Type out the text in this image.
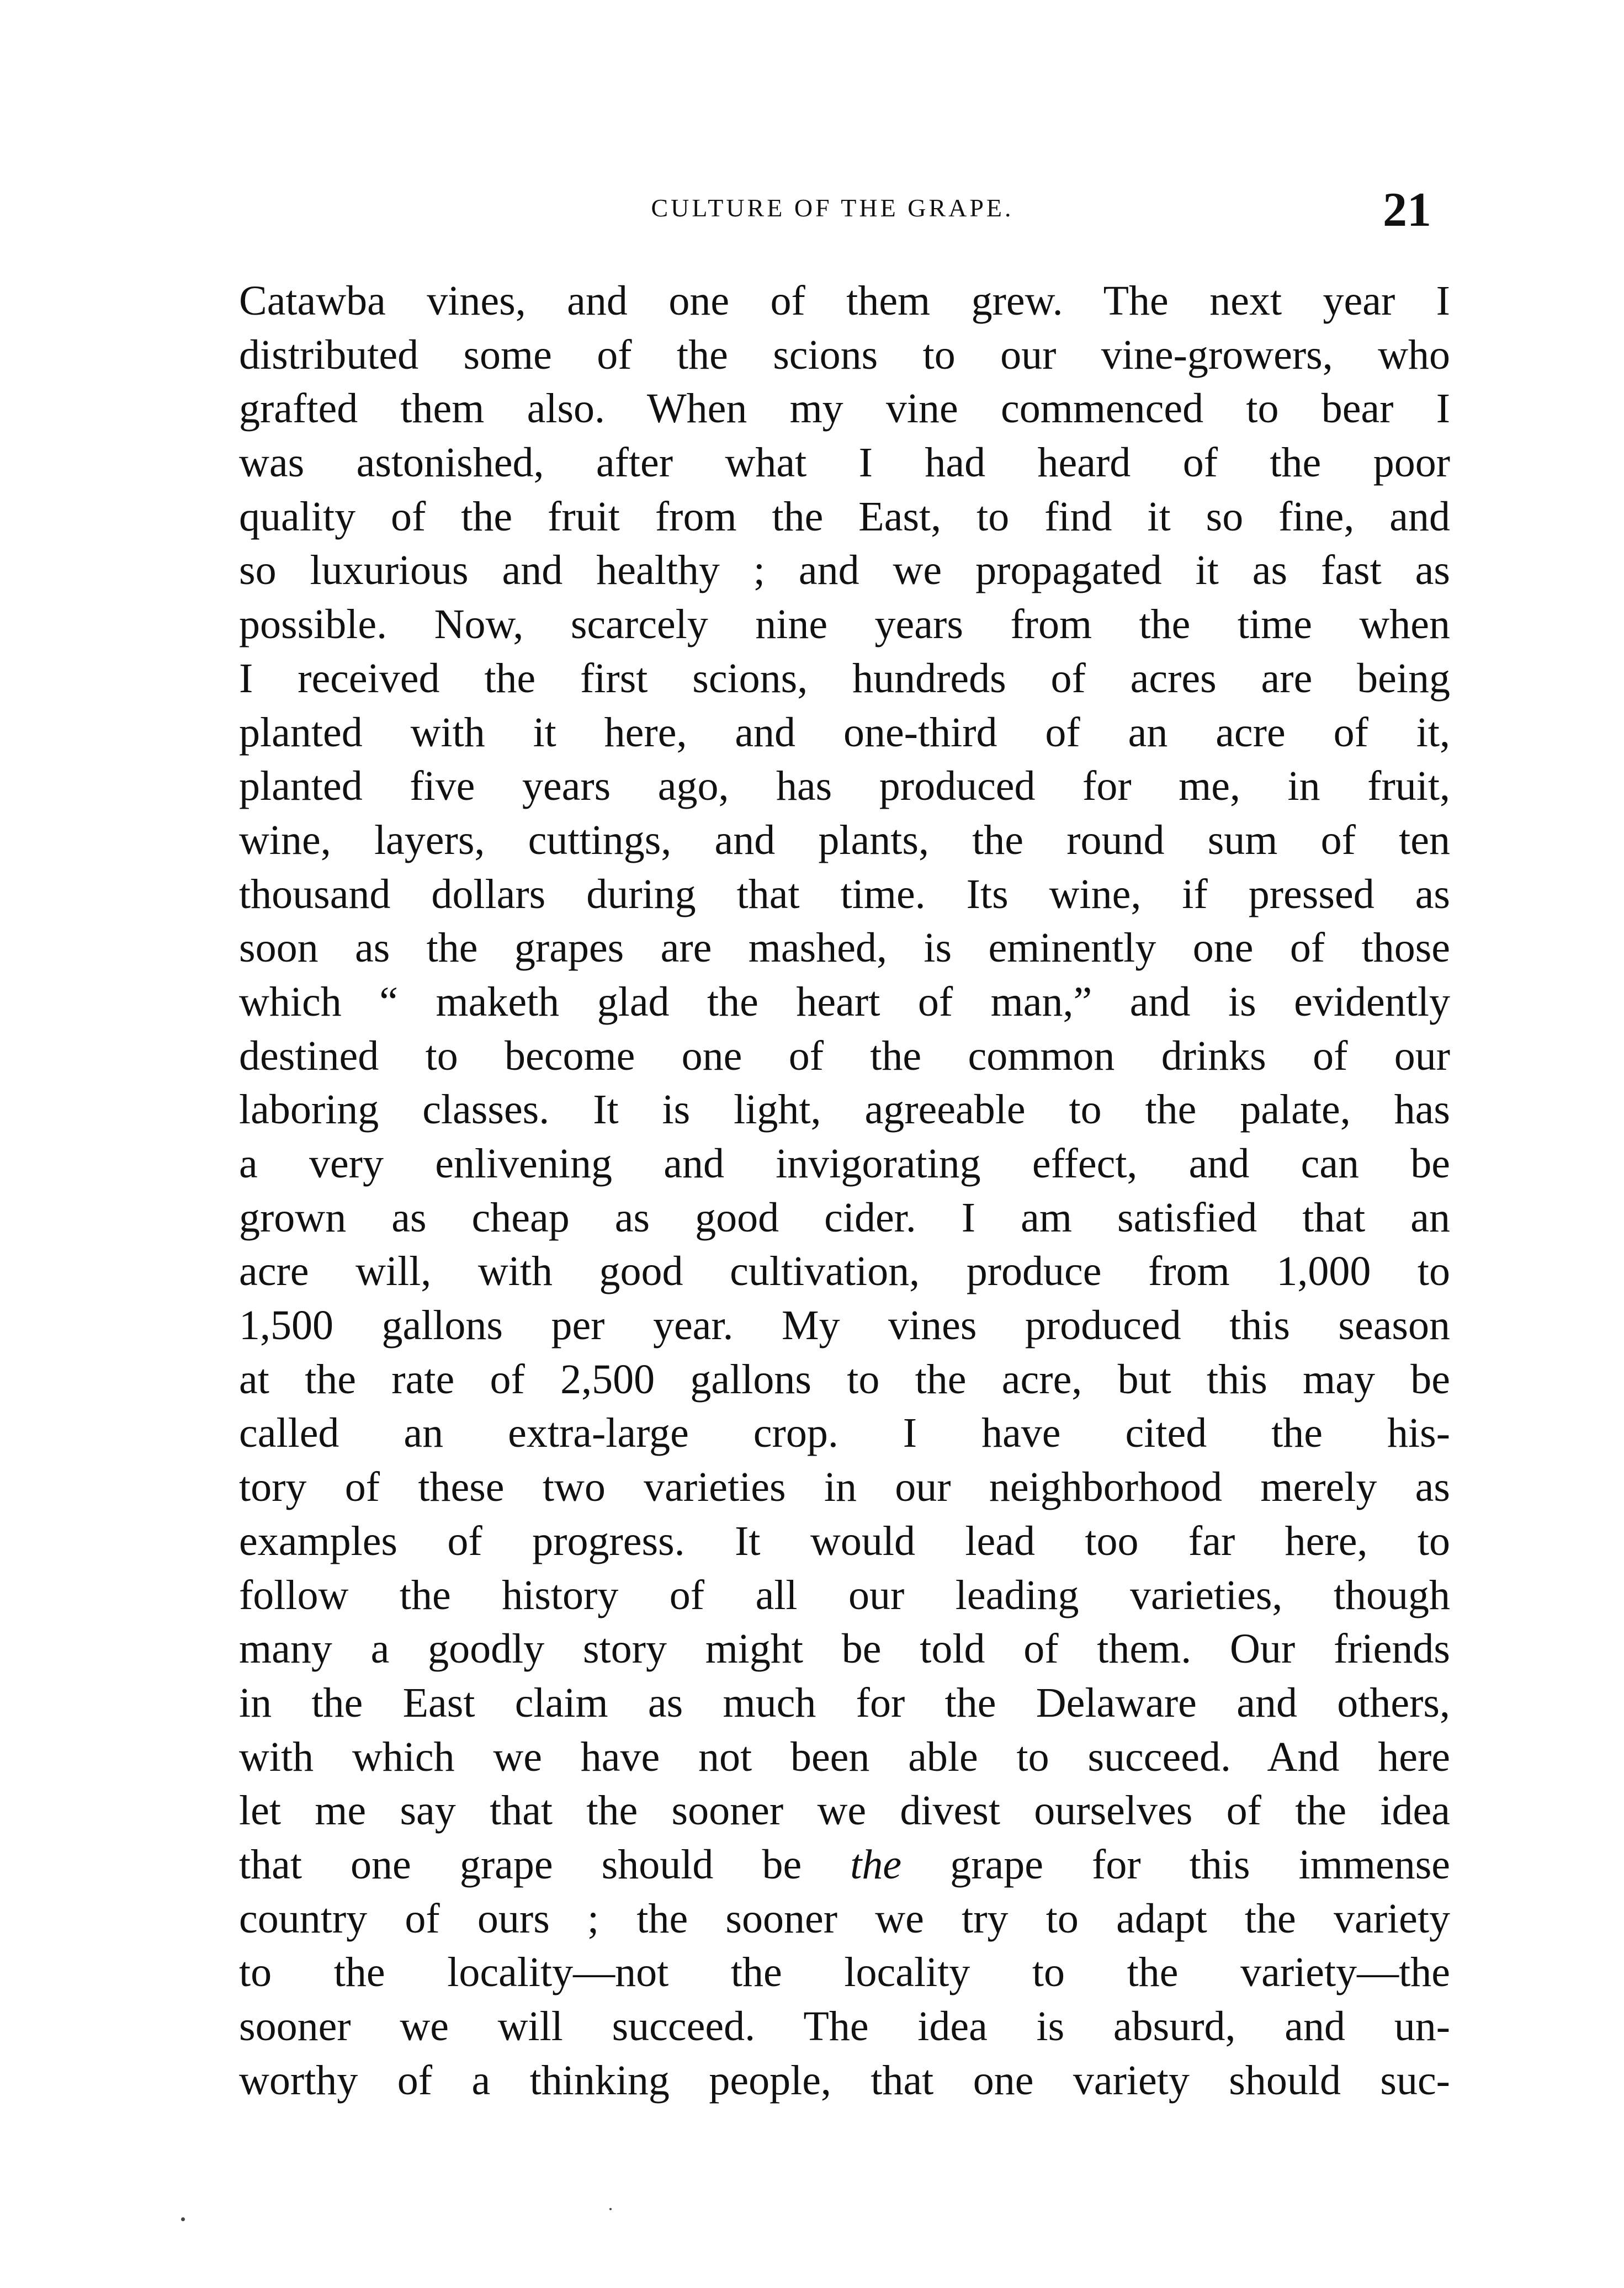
CULTURE OF THE GRAPE.	21
Catawba vines, and one of them grew. The next year I
distributed some of the scions to our vine-growers, who
grafted them also. When my vine commenced to bear I
was astonished, after what I had heard of the poor
quality of the fruit from the East, to find it so fine, and
so luxurious and healthy ; and we propagated it as fast as
possible. Now, scarcely nine years from the time when
I received the first scions, hundreds of acres are being
planted with it here, and one-third of an acre of it,
planted five years ago, has produced for me, in fruit,
wine, layers, cuttings, and plants, the round sum of ten
thousand dollars during that time. Its wine, if pressed as
soon as the grapes are mashed, is eminently one of those
which “ maketh glad the heart of man,” and is evidently
destined to become one of the common drinks of our
laboring classes. It is light, agreeable to the palate, has
a very enlivening and invigorating effect, and can be
grown as cheap as good cider. I am satisfied that an
acre will, with good cultivation, produce from 1,000 to
1,500 gallons per year. My vines produced this season
at the rate of 2,500 gallons to the acre, but this may be
called an extra-large crop. I have cited the his-
tory of these two varieties in our neighborhood merely as
examples of progress. It would lead too far here, to
follow the history of all our leading varieties, though
many a goodly story might be told of them. Our friends
in the East claim as much for the Delaware and others,
with which we have not been able to succeed. And here
let me say that the sooner we divest ourselves of the idea
that one grape should be the grape for this immense
country of ours ; the sooner we try to adapt the variety
to the locality—not the locality to the variety—the
sooner we will succeed. The idea is absurd, and un-
worthy of a thinking people, that one variety should suc-
